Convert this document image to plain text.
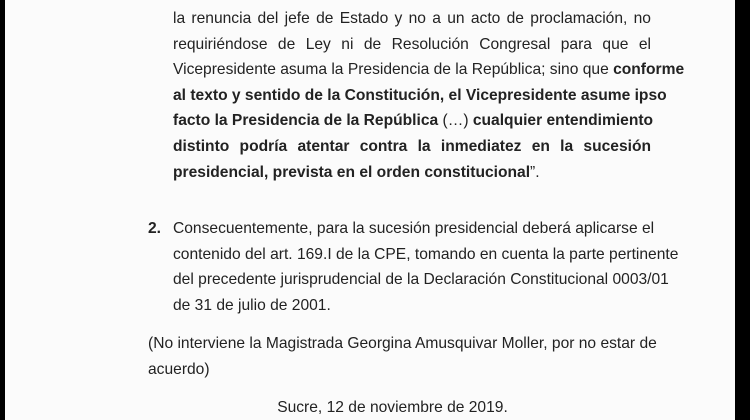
la renuncia del jefe de Estado y no a un acto de proclamación, no
requiriéndose de Ley ni de Resolución Congresal para que el
Vicepresidente asuma la Presidencia de la República; sino que conforme
al texto y sentido de la Constitución, el Vicepresidente asume ipso
facto la Presidencia de la República (…) cualquier entendimiento
distinto podría atentar contra la inmediatez en la sucesión
presidencial, prevista en el orden constitucional”.
2. Consecuentemente, para la sucesión presidencial deberá aplicarse el
contenido del art. 169.I de la CPE, tomando en cuenta la parte pertinente
del precedente jurisprudencial de la Declaración Constitucional 0003/01
de 31 de julio de 2001.
(No interviene la Magistrada Georgina Amusquivar Moller, por no estar de
acuerdo)
Sucre, 12 de noviembre de 2019.
